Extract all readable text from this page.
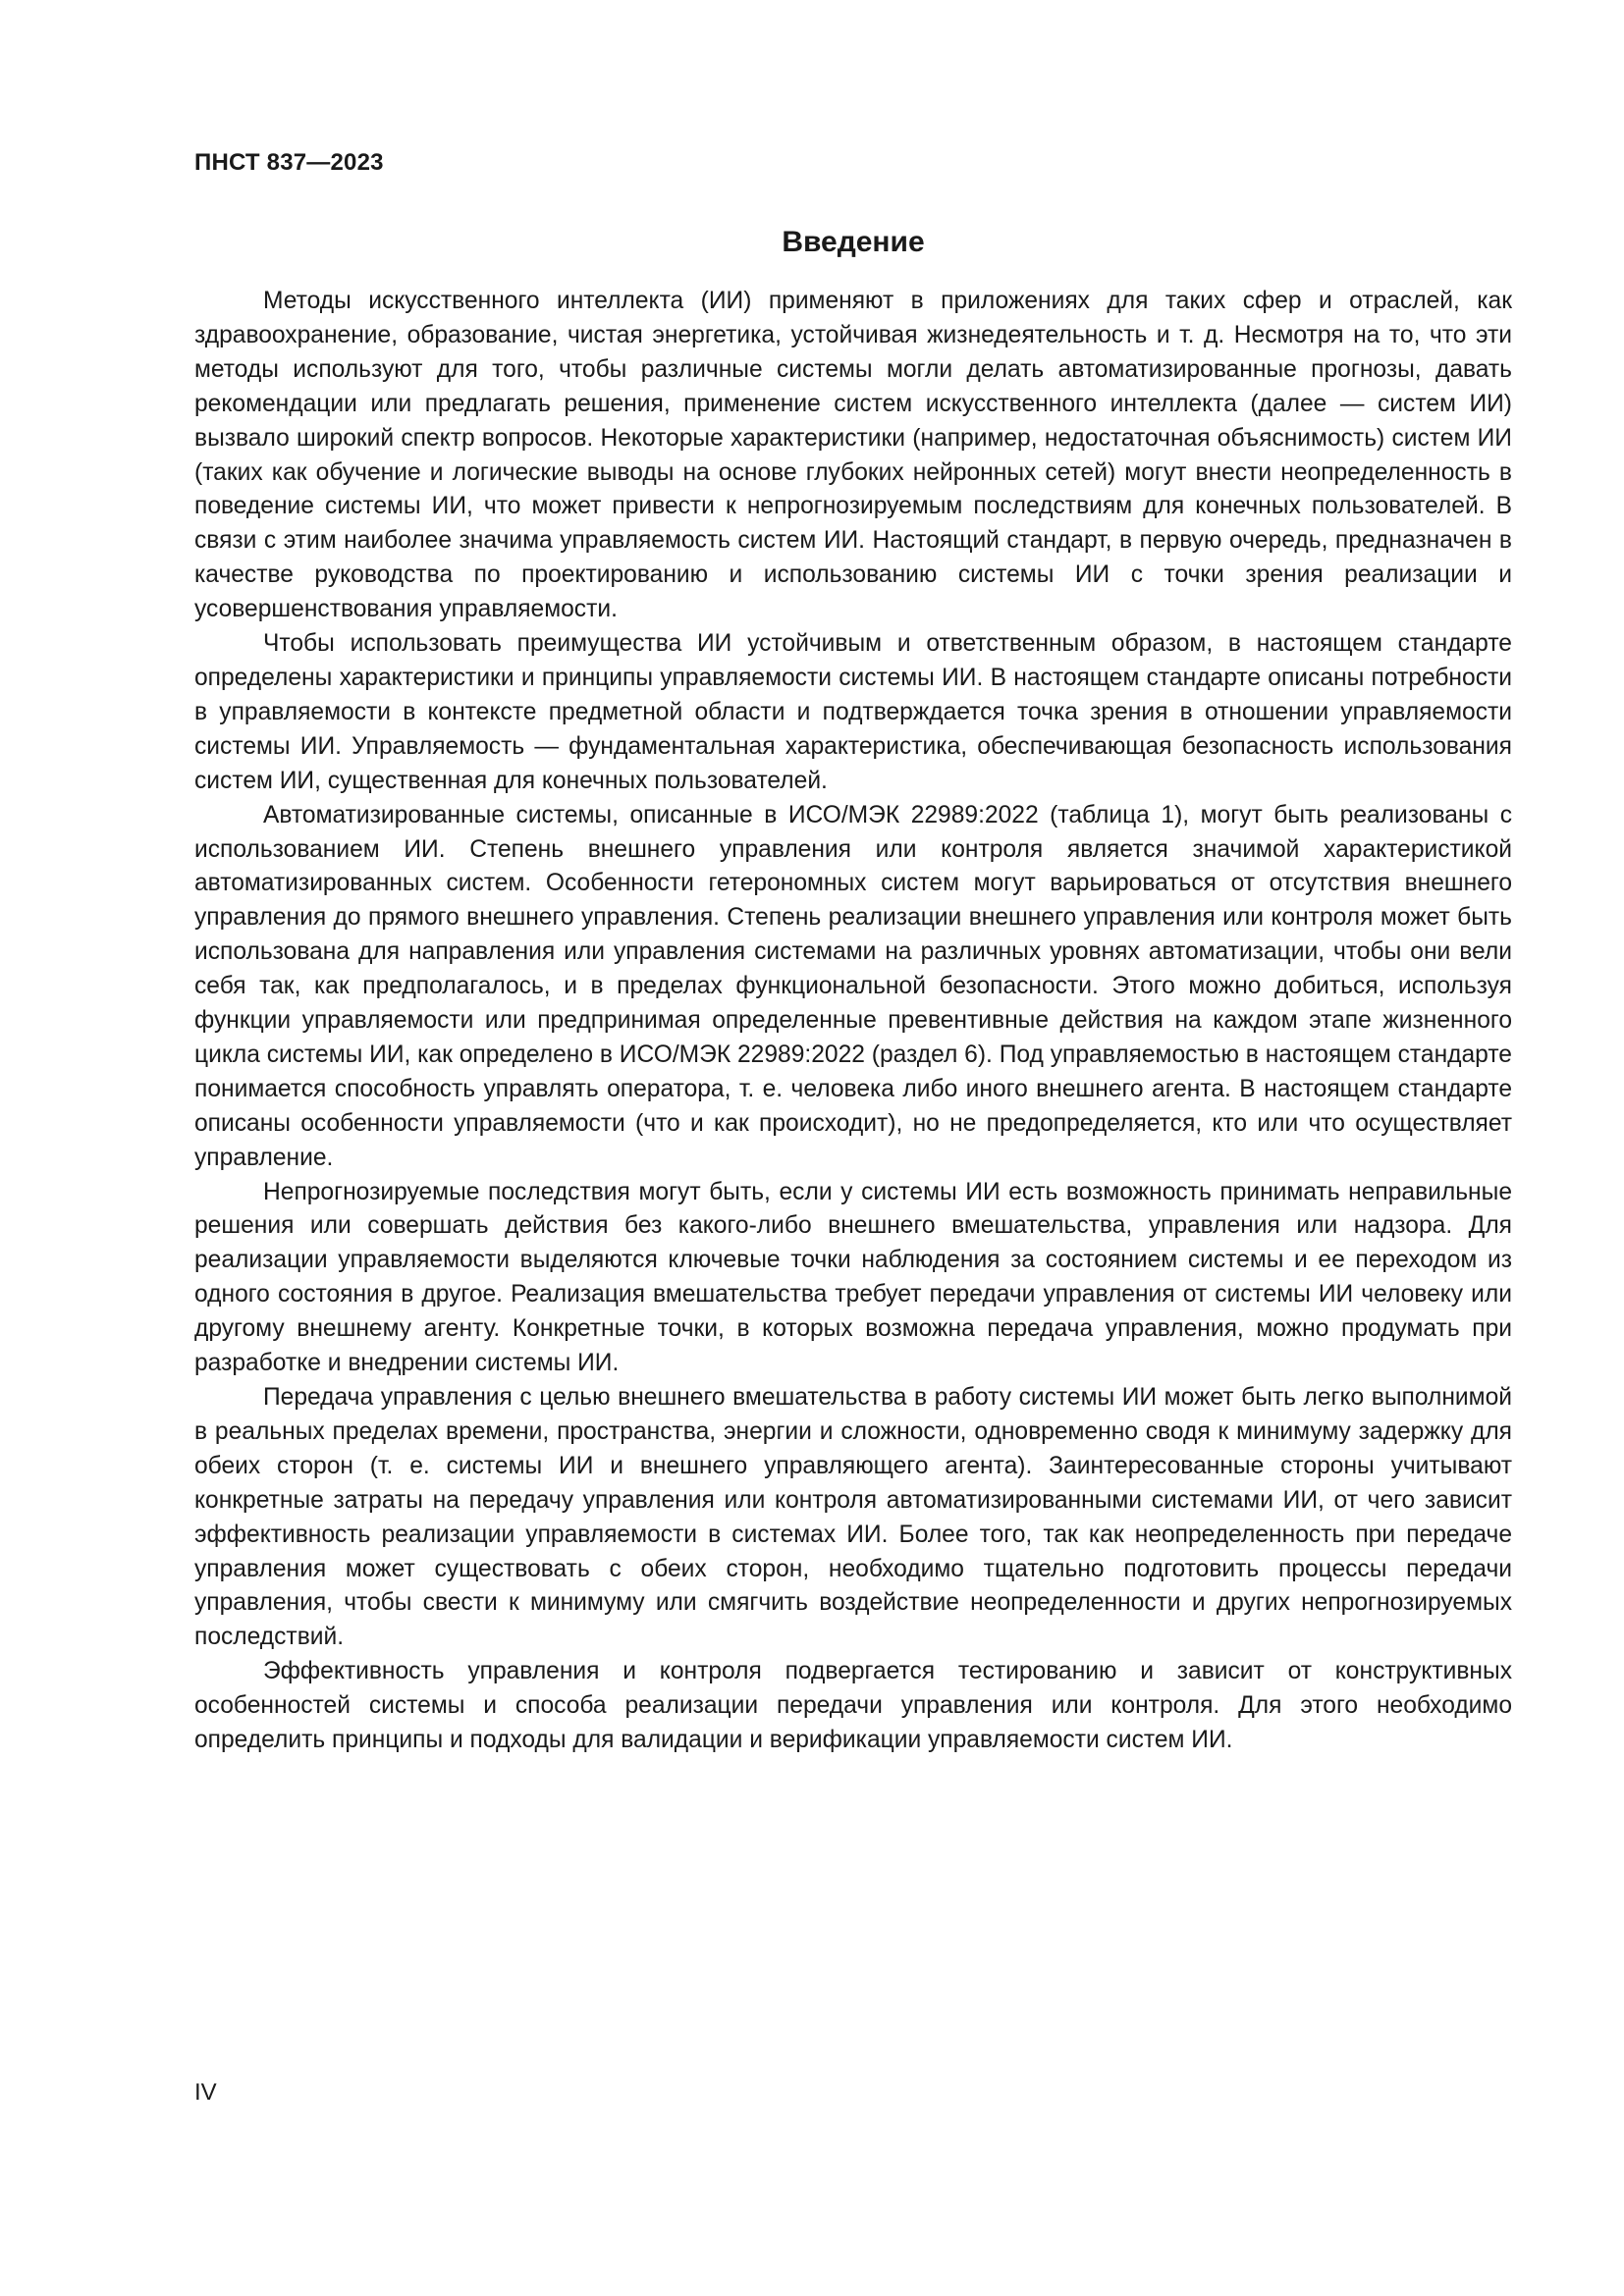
ПНСТ 837—2023
Введение

Методы искусственного интеллекта (ИИ) применяют в приложениях для таких сфер и отраслей, как здравоохранение, образование, чистая энергетика, устойчивая жизнедеятельность и т. д. Несмотря на то, что эти методы используют для того, чтобы различные системы могли делать автоматизированные прогнозы, давать рекомендации или предлагать решения, применение систем искусственного интеллекта (далее — систем ИИ) вызвало широкий спектр вопросов. Некоторые характеристики (например, недостаточная объяснимость) систем ИИ (таких как обучение и логические выводы на основе глубоких нейронных сетей) могут внести неопределенность в поведение системы ИИ, что может привести к непрогнозируемым последствиям для конечных пользователей. В связи с этим наиболее значима управляемость систем ИИ. Настоящий стандарт, в первую очередь, предназначен в качестве руководства по проектированию и использованию системы ИИ с точки зрения реализации и усовершенствования управляемости.

Чтобы использовать преимущества ИИ устойчивым и ответственным образом, в настоящем стандарте определены характеристики и принципы управляемости системы ИИ. В настоящем стандарте описаны потребности в управляемости в контексте предметной области и подтверждается точка зрения в отношении управляемости системы ИИ. Управляемость — фундаментальная характеристика, обеспечивающая безопасность использования систем ИИ, существенная для конечных пользователей.

Автоматизированные системы, описанные в ИСО/МЭК 22989:2022 (таблица 1), могут быть реализованы с использованием ИИ. Степень внешнего управления или контроля является значимой характеристикой автоматизированных систем. Особенности гетерономных систем могут варьироваться от отсутствия внешнего управления до прямого внешнего управления. Степень реализации внешнего управления или контроля может быть использована для направления или управления системами на различных уровнях автоматизации, чтобы они вели себя так, как предполагалось, и в пределах функциональной безопасности. Этого можно добиться, используя функции управляемости или предпринимая определенные превентивные действия на каждом этапе жизненного цикла системы ИИ, как определено в ИСО/МЭК 22989:2022 (раздел 6). Под управляемостью в настоящем стандарте понимается способность управлять оператора, т. е. человека либо иного внешнего агента. В настоящем стандарте описаны особенности управляемости (что и как происходит), но не предопределяется, кто или что осуществляет управление.

Непрогнозируемые последствия могут быть, если у системы ИИ есть возможность принимать неправильные решения или совершать действия без какого-либо внешнего вмешательства, управления или надзора. Для реализации управляемости выделяются ключевые точки наблюдения за состоянием системы и ее переходом из одного состояния в другое. Реализация вмешательства требует передачи управления от системы ИИ человеку или другому внешнему агенту. Конкретные точки, в которых возможна передача управления, можно продумать при разработке и внедрении системы ИИ.

Передача управления с целью внешнего вмешательства в работу системы ИИ может быть легко выполнимой в реальных пределах времени, пространства, энергии и сложности, одновременно сводя к минимуму задержку для обеих сторон (т. е. системы ИИ и внешнего управляющего агента). Заинтересованные стороны учитывают конкретные затраты на передачу управления или контроля автоматизированными системами ИИ, от чего зависит эффективность реализации управляемости в системах ИИ. Более того, так как неопределенность при передаче управления может существовать с обеих сторон, необходимо тщательно подготовить процессы передачи управления, чтобы свести к минимуму или смягчить воздействие неопределенности и других непрогнозируемых последствий.

Эффективность управления и контроля подвергается тестированию и зависит от конструктивных особенностей системы и способа реализации передачи управления или контроля. Для этого необходимо определить принципы и подходы для валидации и верификации управляемости систем ИИ.

IV
